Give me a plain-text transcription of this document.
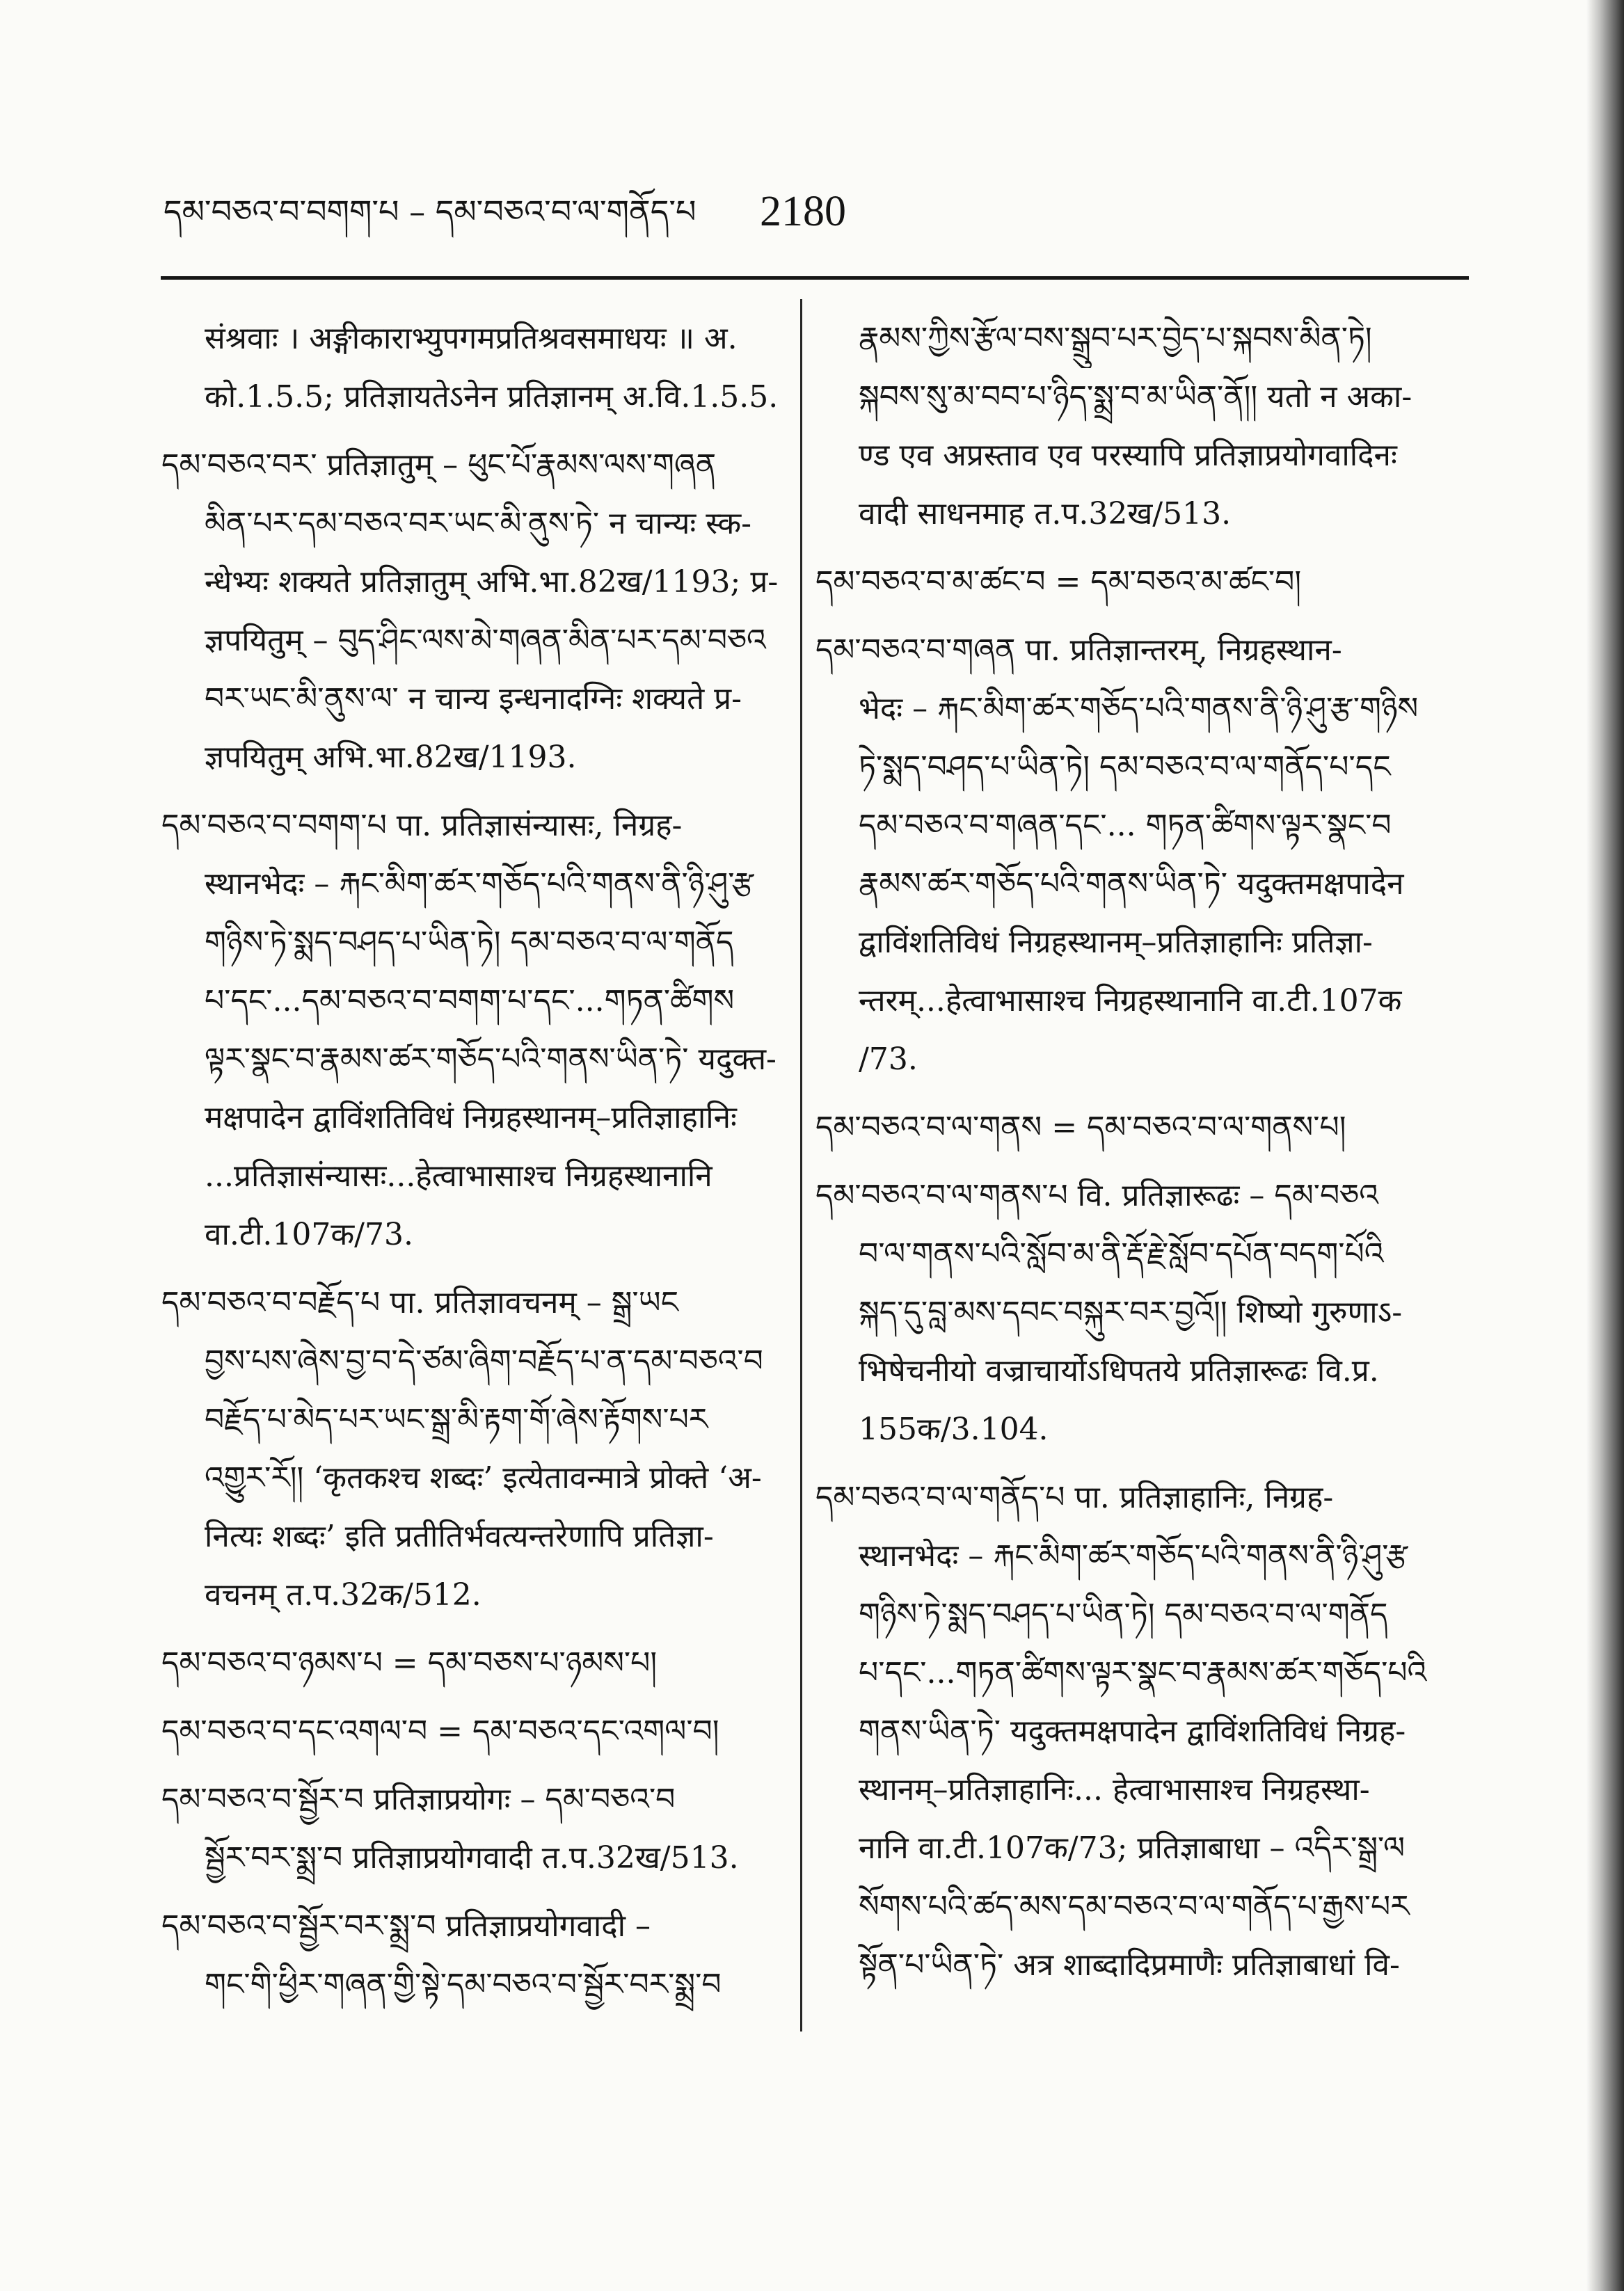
དམ་བཅའ་བ་བགག་པ – དམ་བཅའ་བ་ལ་གནོད་པ 2180
संश्रवाः । अङ्गीकाराभ्युपगमप्रतिश्रवसमाधयः ॥ अ.
को.1.5.5; प्रतिज्ञायतेऽनेन प्रतिज्ञानम् अ.वि.1.5.5.
དམ་བཅའ་བར་ प्रतिज्ञातुम् – ཕུང་པོ་རྣམས་ལས་གཞན
མིན་པར་དམ་བཅའ་བར་ཡང་མི་ནུས་ཏེ་ न चान्यः स्क-
न्धेभ्यः शक्यते प्रतिज्ञातुम् अभि.भा.82ख/1193; प्र-
ज्ञपयितुम् – བུད་ཤིང་ལས་མེ་གཞན་མིན་པར་དམ་བཅའ
བར་ཡང་མི་ནུས་ལ་ न चान्य इन्धनादग्निः शक्यते प्र-
ज्ञपयितुम् अभि.भा.82ख/1193.
དམ་བཅའ་བ་བགག་པ पा. प्रतिज्ञासंन्यासः, निग्रह-
स्थानभेदः – རྐང་མིག་ཚར་གཅོད་པའི་གནས་ནི་ཉི་ཤུ་རྩ
གཉིས་ཏེ་སྨད་བཤད་པ་ཡིན་ཏེ། དམ་བཅའ་བ་ལ་གནོད
པ་དང་...དམ་བཅའ་བ་བགག་པ་དང་...གཏན་ཚིགས
ལྟར་སྣང་བ་རྣམས་ཚར་གཅོད་པའི་གནས་ཡིན་ཏེ་ यदुक्त-
मक्षपादेन द्वाविंशतिविधं निग्रहस्थानम्–प्रतिज्ञाहानिः
...प्रतिज्ञासंन्यासः...हेत्वाभासाश्च निग्रहस्थानानि
वा.टी.107क/73.
དམ་བཅའ་བ་བརྗོད་པ पा. प्रतिज्ञावचनम् – སྒྲ་ཡང
བྱས་པས་ཞེས་བྱ་བ་དེ་ཙམ་ཞིག་བརྗོད་པ་ན་དམ་བཅའ་བ
བརྗོད་པ་མེད་པར་ཡང་སྒྲ་མི་རྟག་གོ་ཞེས་རྟོགས་པར
འགྱུར་རོ།། ‘कृतकश्च शब्दः’ इत्येतावन्मात्रे प्रोक्ते ‘अ-
नित्यः शब्दः’ इति प्रतीतिर्भवत्यन्तरेणापि प्रतिज्ञा-
वचनम् त.प.32क/512.
དམ་བཅའ་བ་ཉམས་པ = དམ་བཅས་པ་ཉམས་པ།
དམ་བཅའ་བ་དང་འགལ་བ = དམ་བཅའ་དང་འགལ་བ།
དམ་བཅའ་བ་སྦྱོར་བ प्रतिज्ञाप्रयोगः – དམ་བཅའ་བ
སྦྱོར་བར་སྨྲ་བ प्रतिज्ञाप्रयोगवादी त.प.32ख/513.
དམ་བཅའ་བ་སྦྱོར་བར་སྨྲ་བ प्रतिज्ञाप्रयोगवादी –
གང་གི་ཕྱིར་གཞན་གྱི་སྟེ་དམ་བཅའ་བ་སྦྱོར་བར་སྨྲ་བ
རྣམས་ཀྱིས་རྩོལ་བས་སྒྲུབ་པར་བྱེད་པ་སྐབས་མིན་ཏེ།
སྐབས་སུ་མ་བབ་པ་ཉིད་སྨྲ་བ་མ་ཡིན་ནོ།། यतो न अका-
ण्ड एव अप्रस्ताव एव परस्यापि प्रतिज्ञाप्रयोगवादिनः
वादी साधनमाह त.प.32ख/513.
དམ་བཅའ་བ་མ་ཚང་བ = དམ་བཅའ་མ་ཚང་བ།
དམ་བཅའ་བ་གཞན पा. प्रतिज्ञान्तरम्, निग्रहस्थान-
भेदः – རྐང་མིག་ཚར་གཅོད་པའི་གནས་ནི་ཉི་ཤུ་རྩ་གཉིས
ཏེ་སྨད་བཤད་པ་ཡིན་ཏེ། དམ་བཅའ་བ་ལ་གནོད་པ་དང
དམ་བཅའ་བ་གཞན་དང་... གཏན་ཚིགས་ལྟར་སྣང་བ
རྣམས་ཚར་གཅོད་པའི་གནས་ཡིན་ཏེ་ यदुक्तमक्षपादेन
द्वाविंशतिविधं निग्रहस्थानम्–प्रतिज्ञाहानिः प्रतिज्ञा-
न्तरम्...हेत्वाभासाश्च निग्रहस्थानानि वा.टी.107क
/73.
དམ་བཅའ་བ་ལ་གནས = དམ་བཅའ་བ་ལ་གནས་པ།
དམ་བཅའ་བ་ལ་གནས་པ वि. प्रतिज्ञारूढः – དམ་བཅའ
བ་ལ་གནས་པའི་སློབ་མ་ནི་རྡོ་རྗེ་སློབ་དཔོན་བདག་པོའི
སྐད་དུ་བླ་མས་དབང་བསྐུར་བར་བྱའོ།། शिष्यो गुरुणाऽ-
भिषेचनीयो वज्राचार्योऽधिपतये प्रतिज्ञारूढः वि.प्र.
155क/3.104.
དམ་བཅའ་བ་ལ་གནོད་པ पा. प्रतिज्ञाहानिः, निग्रह-
स्थानभेदः – རྐང་མིག་ཚར་གཅོད་པའི་གནས་ནི་ཉི་ཤུ་རྩ
གཉིས་ཏེ་སྨད་བཤད་པ་ཡིན་ཏེ། དམ་བཅའ་བ་ལ་གནོད
པ་དང་...གཏན་ཚིགས་ལྟར་སྣང་བ་རྣམས་ཚར་གཅོད་པའི
གནས་ཡིན་ཏེ་ यदुक्तमक्षपादेन द्वाविंशतिविधं निग्रह-
स्थानम्–प्रतिज्ञाहानिः... हेत्वाभासाश्च निग्रहस्था-
नानि वा.टी.107क/73; प्रतिज्ञाबाधा – འདིར་སྒྲ་ལ
སོགས་པའི་ཚད་མས་དམ་བཅའ་བ་ལ་གནོད་པ་རྒྱས་པར
སྟོན་པ་ཡིན་ཏེ་ अत्र शाब्दादिप्रमाणैः प्रतिज्ञाबाधां वि-
